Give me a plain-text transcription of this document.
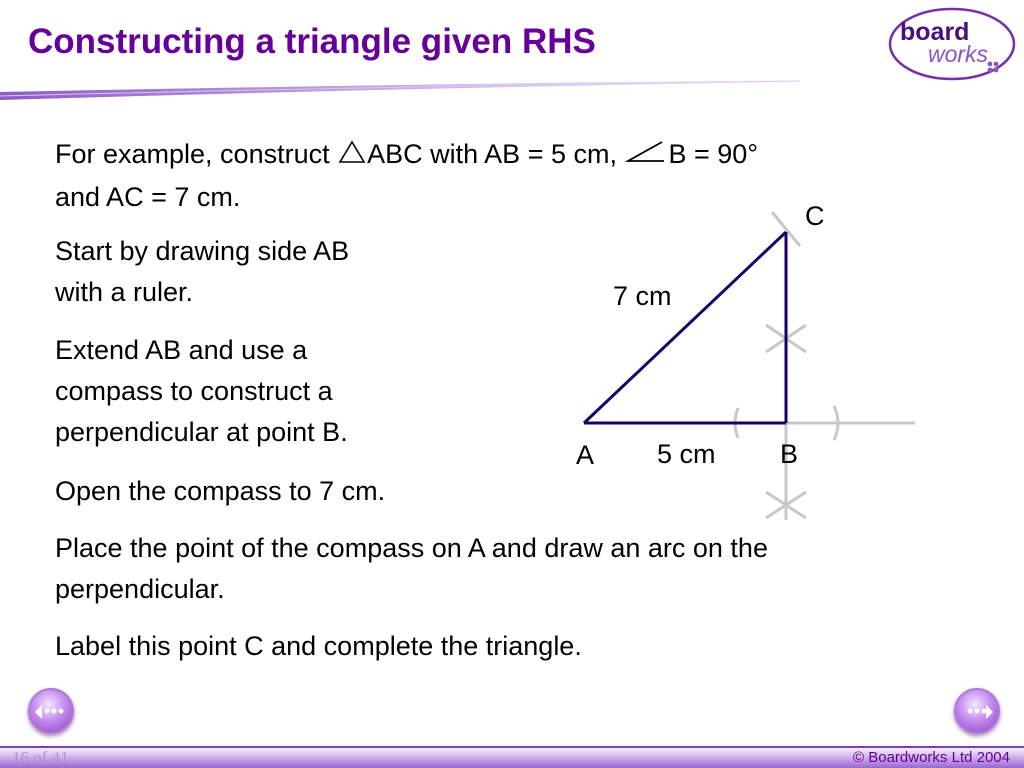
Constructing a triangle given RHS	board
works

For example, construct ABC with AB = 5 cm, B = 90°
and AC = 7 cm.

Start by drawing side AB
with a ruler.

Extend AB and use a
compass to construct a
perpendicular at point B.

Open the compass to 7 cm.

Place the point of the compass on A and draw an arc on the
perpendicular.

Label this point C and complete the triangle.

A	B
C
5 cm
7 cm
16 of 41	© Boardworks Ltd 2004
